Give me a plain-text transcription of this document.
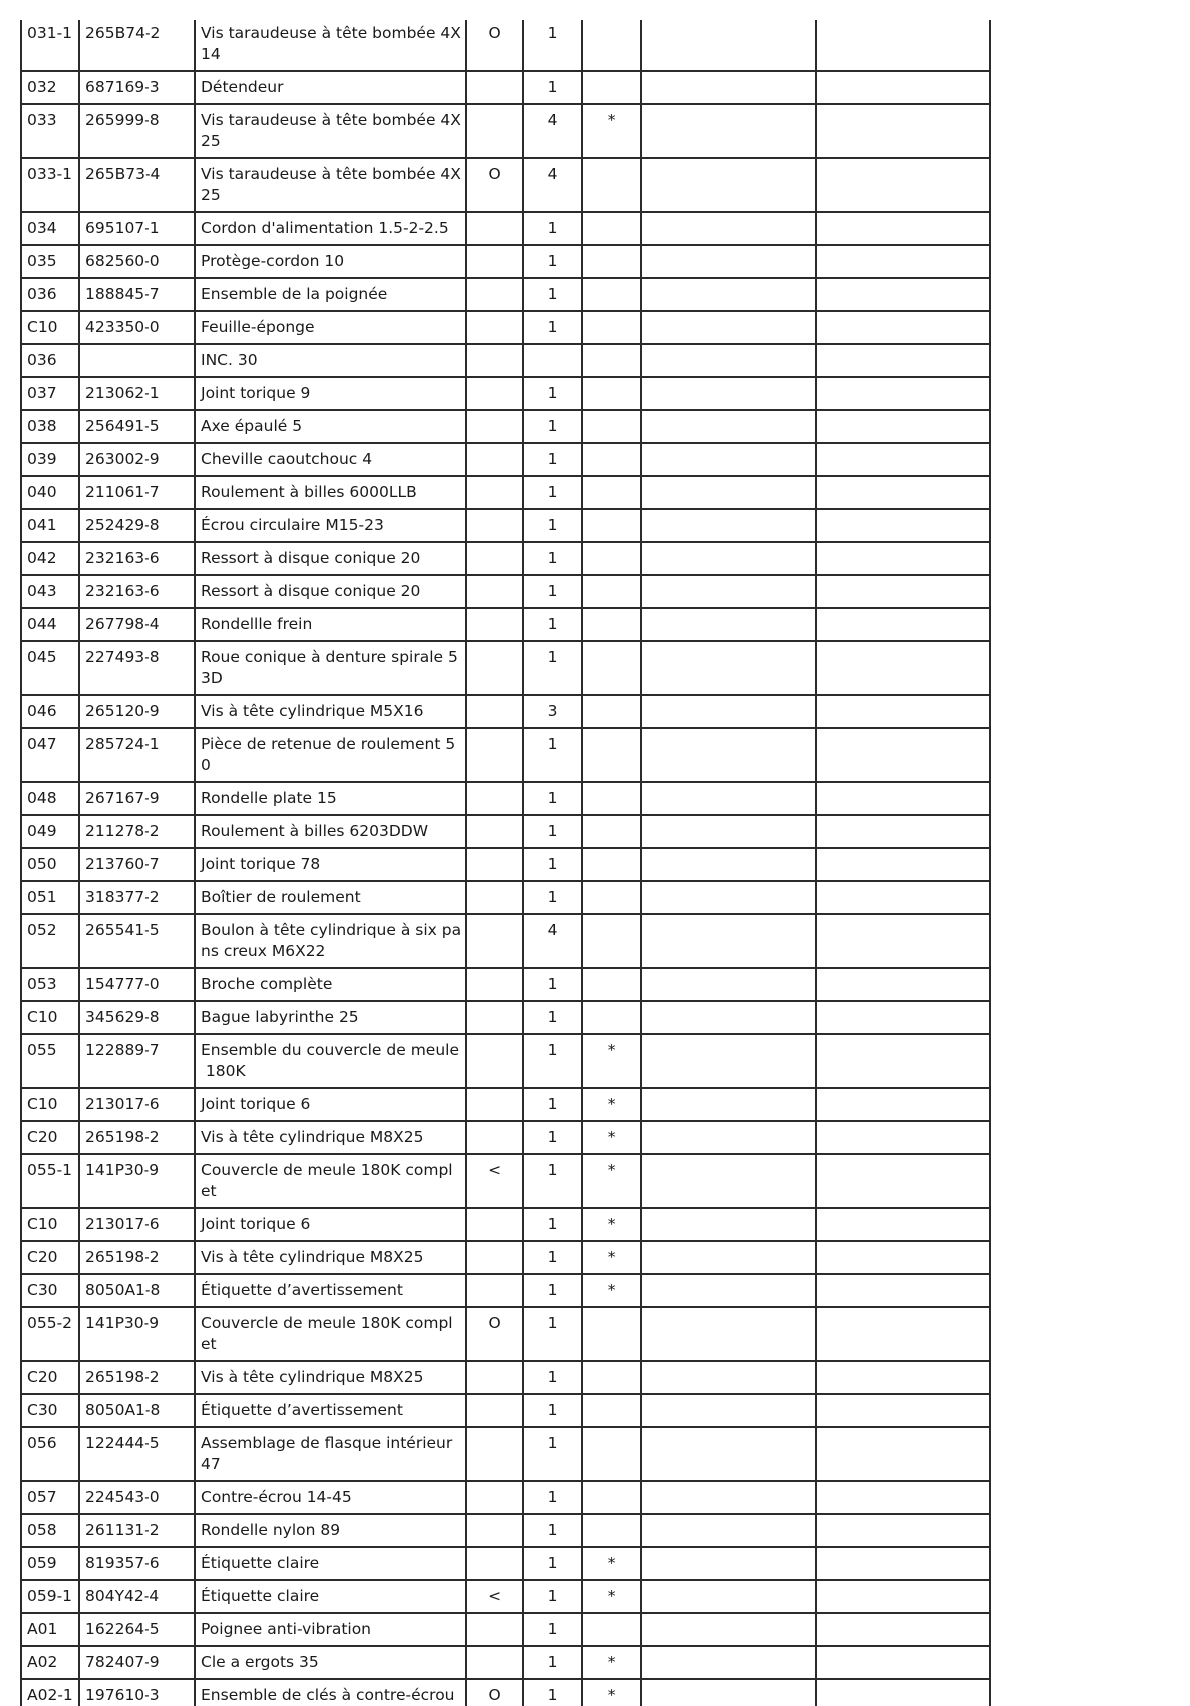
031-1	265B74-2	Vis taraudeuse à tête bombée 4X
14	O	1			
032	687169-3	Détendeur		1			
033	265999-8	Vis taraudeuse à tête bombée 4X
25		4	*		
033-1	265B73-4	Vis taraudeuse à tête bombée 4X
25	O	4			
034	695107-1	Cordon d'alimentation 1.5-2-2.5		1			
035	682560-0	Protège-cordon 10		1			
036	188845-7	Ensemble de la poignée		1			
C10	423350-0	Feuille-éponge		1			
036		INC. 30					
037	213062-1	Joint torique 9		1			
038	256491-5	Axe épaulé 5		1			
039	263002-9	Cheville caoutchouc 4		1			
040	211061-7	Roulement à billes 6000LLB		1			
041	252429-8	Écrou circulaire M15-23		1			
042	232163-6	Ressort à disque conique 20		1			
043	232163-6	Ressort à disque conique 20		1			
044	267798-4	Rondellle frein		1			
045	227493-8	Roue conique à denture spirale 5
3D		1			
046	265120-9	Vis à tête cylindrique M5X16		3			
047	285724-1	Pièce de retenue de roulement 5
0		1			
048	267167-9	Rondelle plate 15		1			
049	211278-2	Roulement à billes 6203DDW		1			
050	213760-7	Joint torique 78		1			
051	318377-2	Boîtier de roulement		1			
052	265541-5	Boulon à tête cylindrique à six pa
ns creux M6X22		4			
053	154777-0	Broche complète		1			
C10	345629-8	Bague labyrinthe 25		1			
055	122889-7	Ensemble du couvercle de meule
180K		1	*		
C10	213017-6	Joint torique 6		1	*		
C20	265198-2	Vis à tête cylindrique M8X25		1	*		
055-1	141P30-9	Couvercle de meule 180K compl
et	<	1	*		
C10	213017-6	Joint torique 6		1	*		
C20	265198-2	Vis à tête cylindrique M8X25		1	*		
C30	8050A1-8	Étiquette d’avertissement		1	*		
055-2	141P30-9	Couvercle de meule 180K compl
et	O	1			
C20	265198-2	Vis à tête cylindrique M8X25		1			
C30	8050A1-8	Étiquette d’avertissement		1			
056	122444-5	Assemblage de flasque intérieur
47		1			
057	224543-0	Contre-écrou 14-45		1			
058	261131-2	Rondelle nylon 89		1			
059	819357-6	Étiquette claire		1	*		
059-1	804Y42-4	Étiquette claire	<	1	*		
A01	162264-5	Poignee anti-vibration		1			
A02	782407-9	Cle a ergots 35		1	*		
A02-1	197610-3	Ensemble de clés à contre-écrou	O	1	*		
